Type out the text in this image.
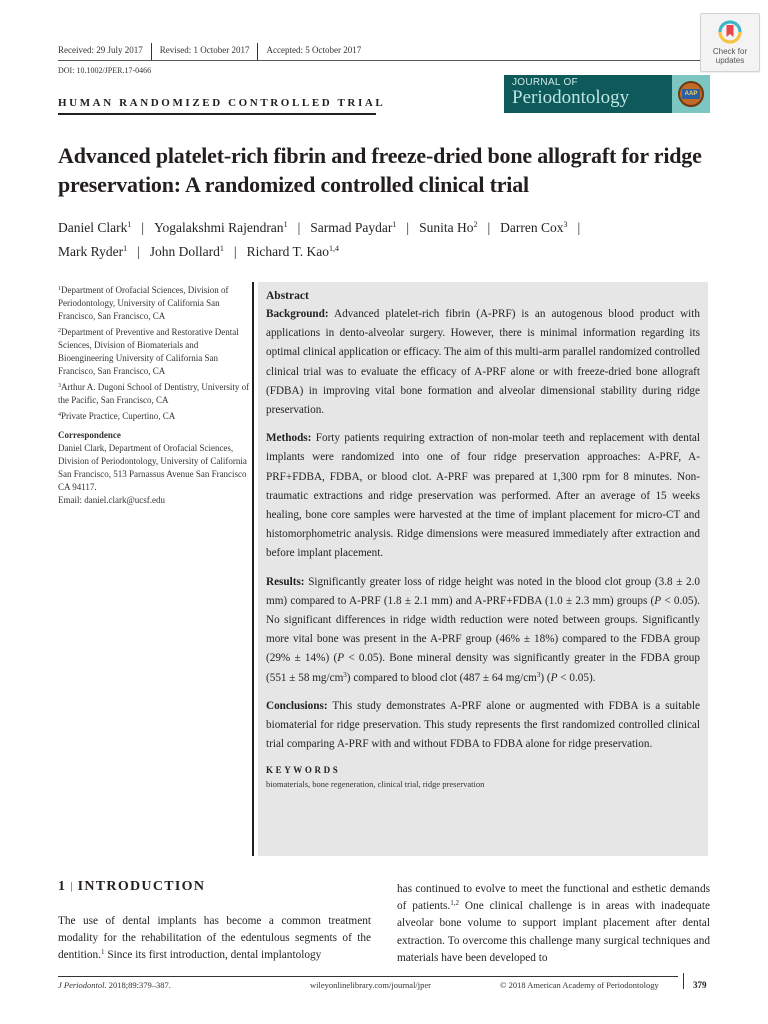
Received: 29 July 2017	Revised: 1 October 2017	Accepted: 5 October 2017
DOI: 10.1002/JPER.17-0466
HUMAN RANDOMIZED CONTROLLED TRIAL
JOURNAL OF
Periodontology	AAP
Check for
updates
Advanced platelet-rich fibrin and freeze-dried bone allograft for ridge preservation: A randomized controlled clinical trial
Daniel Clark$^1$ | Yogalakshmi Rajendran$^1$ | Sarmad Paydar$^1$ | Sunita Ho$^2$ | Darren Cox$^3$ |
Mark Ryder$^1$ | John Dollard$^1$ | Richard T. Kao$^{1,4}$
$^1$Department of Orofacial Sciences, Division of Periodontology, University of California San Francisco, San Francisco, CA
$^2$Department of Preventive and Restorative Dental Sciences, Division of Biomaterials and Bioengineering University of California San Francisco, San Francisco, CA
$^3$Arthur A. Dugoni School of Dentistry, University of the Pacific, San Francisco, CA
$^4$Private Practice, Cupertino, CA
Correspondence
Daniel Clark, Department of Orofacial Sciences, Division of Periodontology, University of California San Francisco, 513 Parnassus Avenue San Francisco CA 94117.
Email: daniel.clark@ucsf.edu
Abstract

Background: Advanced platelet-rich fibrin (A-PRF) is an autogenous blood product with applications in dento-alveolar surgery. However, there is minimal information regarding its optimal clinical application or efficacy. The aim of this multi-arm parallel randomized controlled clinical trial was to evaluate the efficacy of A-PRF alone or with freeze-dried bone allograft (FDBA) in improving vital bone formation and alveolar dimensional stability during ridge preservation.

Methods: Forty patients requiring extraction of non-molar teeth and replacement with dental implants were randomized into one of four ridge preservation approaches: A-PRF, A-PRF+FDBA, FDBA, or blood clot. A-PRF was prepared at 1,300 rpm for 8 minutes. Non-traumatic extractions and ridge preservation was performed. After an average of 15 weeks healing, bone core samples were harvested at the time of implant placement for micro-CT and histomorphometric analysis. Ridge dimensions were measured immediately after extraction and before implant placement.

Results: Significantly greater loss of ridge height was noted in the blood clot group (3.8 ± 2.0 mm) compared to A-PRF (1.8 ± 2.1 mm) and A-PRF+FDBA (1.0 ± 2.3 mm) groups (P < 0.05). No significant differences in ridge width reduction were noted between groups. Significantly more vital bone was present in the A-PRF group (46% ± 18%) compared to the FDBA group (29% ± 14%) (P < 0.05). Bone mineral density was significantly greater in the FDBA group (551 ± 58 $mg/cm^3$) compared to blood clot (487 ± 64 $mg/cm^3$) (P < 0.05).

Conclusions: This study demonstrates A-PRF alone or augmented with FDBA is a suitable biomaterial for ridge preservation. This study represents the first randomized controlled clinical trial comparing A-PRF with and without FDBA to FDBA alone for ridge preservation.

KEYWORDS
biomaterials, bone regeneration, clinical trial, ridge preservation
1 | INTRODUCTION
The use of dental implants has become a common treatment modality for the rehabilitation of the edentulous segments of the dentition.$^1$ Since its first introduction, dental implantology
has continued to evolve to meet the functional and esthetic demands of patients.$^{1,2}$ One clinical challenge is in areas with inadequate alveolar bone volume to support implant placement after dental extraction. To overcome this challenge many surgical techniques and materials have been developed to
J Periodontol. 2018;89:379–387.	wileyonlinelibrary.com/journal/jper	© 2018 American Academy of Periodontology	379
